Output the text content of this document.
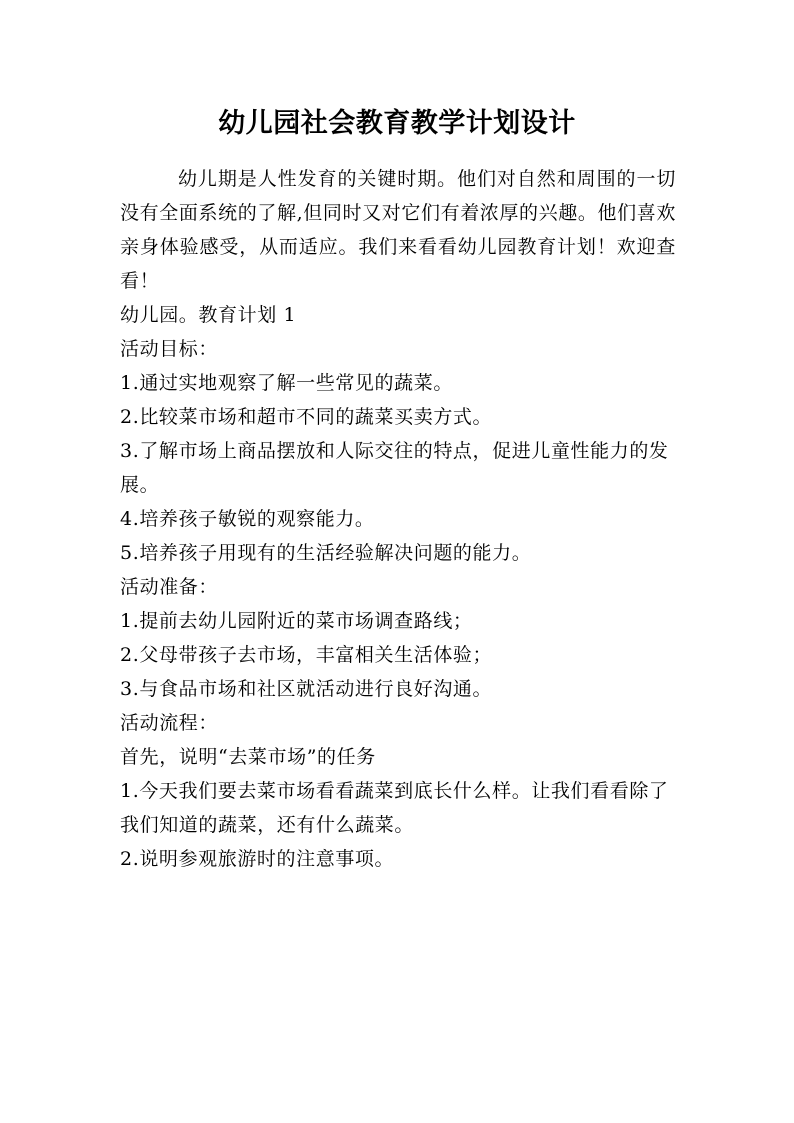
幼儿园社会教育教学计划设计

幼儿期是人性发育的关键时期。他们对自然和周围的一切没有全面系统的了解,但同时又对它们有着浓厚的兴趣。他们喜欢亲身体验感受，从而适应。我们来看看幼儿园教育计划！欢迎查看！

幼儿园。教育计划 1

活动目标：

1.通过实地观察了解一些常见的蔬菜。

2.比较菜市场和超市不同的蔬菜买卖方式。

3.了解市场上商品摆放和人际交往的特点，促进儿童性能力的发展。

4.培养孩子敏锐的观察能力。

5.培养孩子用现有的生活经验解决问题的能力。

活动准备：

1.提前去幼儿园附近的菜市场调查路线；

2.父母带孩子去市场，丰富相关生活体验；

3.与食品市场和社区就活动进行良好沟通。

活动流程：

首先，说明“去菜市场”的任务

1.今天我们要去菜市场看看蔬菜到底长什么样。让我们看看除了我们知道的蔬菜，还有什么蔬菜。

2.说明参观旅游时的注意事项。
